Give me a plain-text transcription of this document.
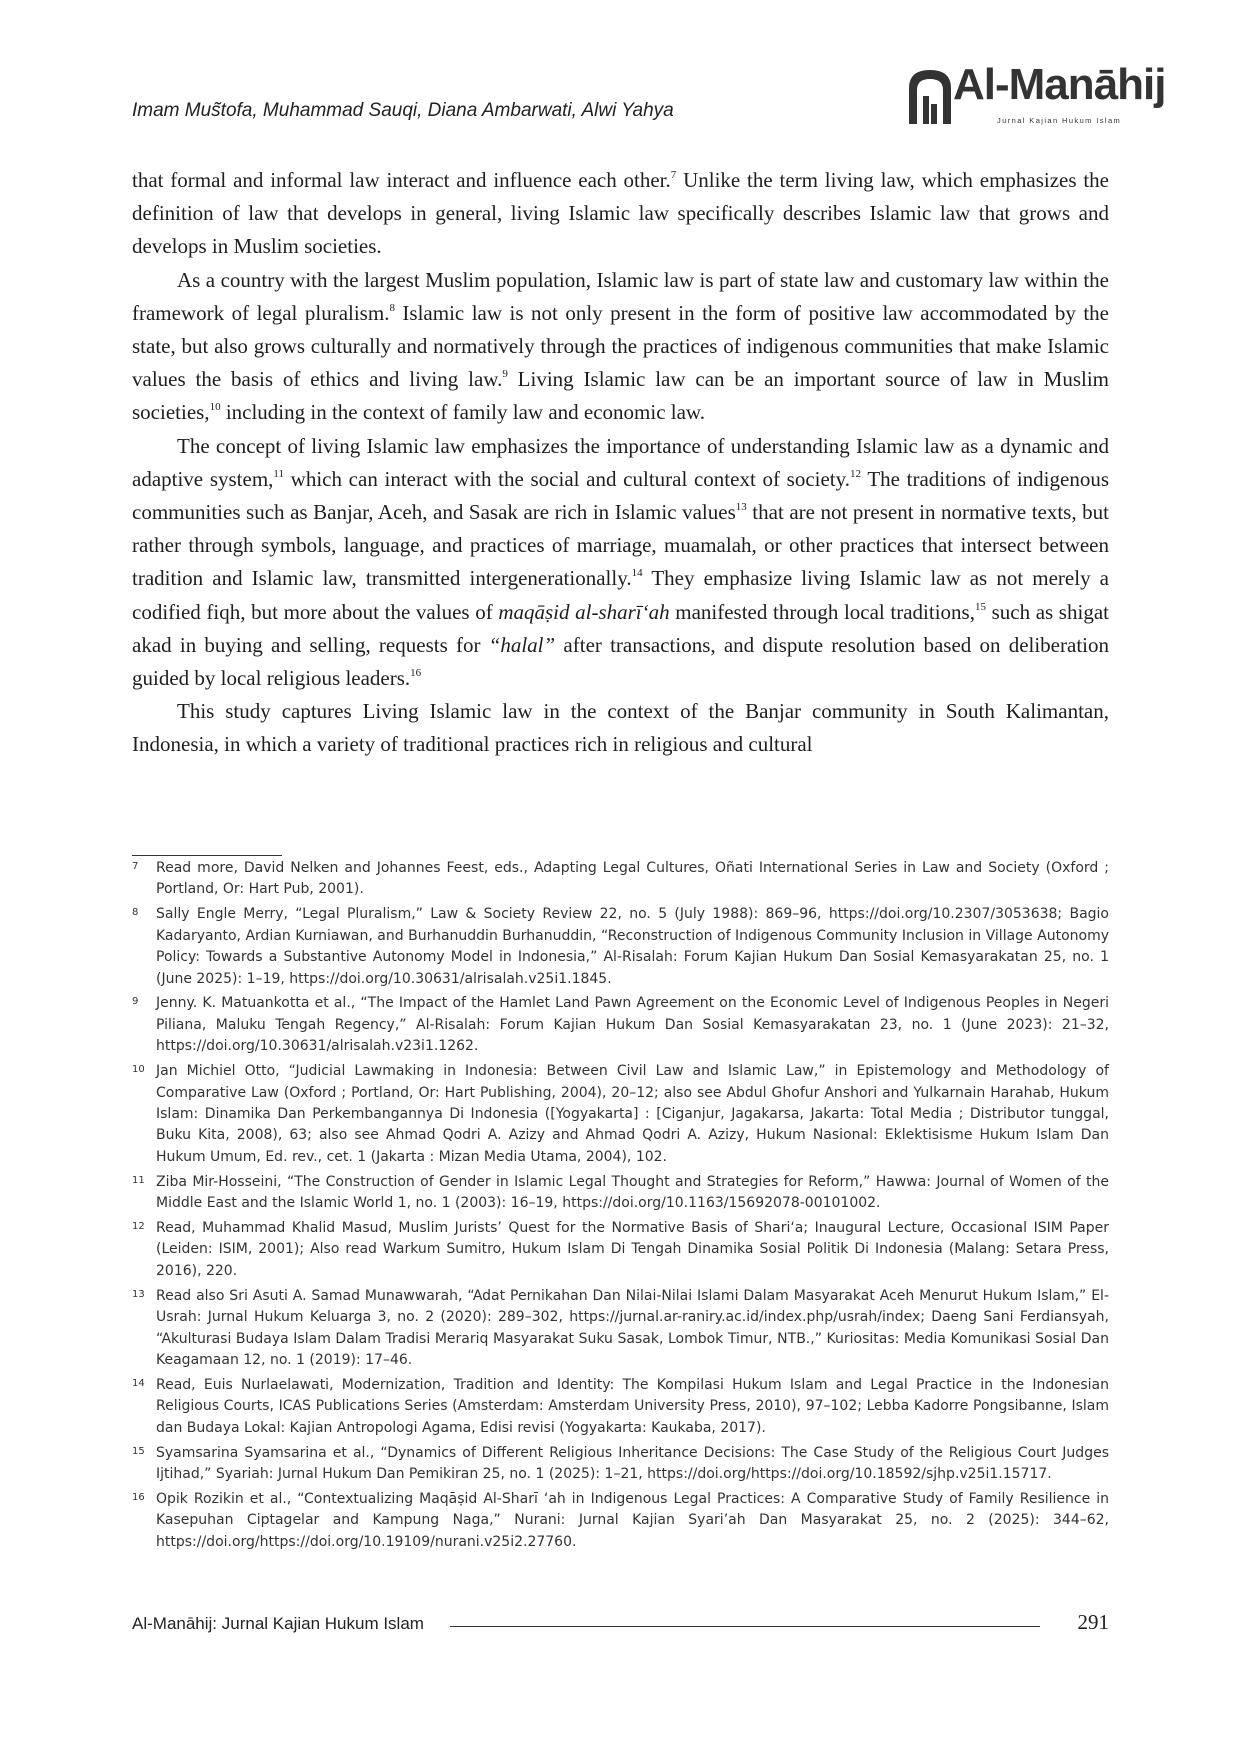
Imam Mus͂tofa, Muhammad Sauqi, Diana Ambarwati, Alwi Yahya
Al-Manāhij
Jurnal Kajian Hukum Islam

that formal and informal law interact and influence each other.$^7$ Unlike the term living law, which emphasizes the definition of law that develops in general, living Islamic law specifically describes Islamic law that grows and develops in Muslim societies.

As a country with the largest Muslim population, Islamic law is part of state law and customary law within the framework of legal pluralism.$^8$ Islamic law is not only present in the form of positive law accommodated by the state, but also grows culturally and normatively through the practices of indigenous communities that make Islamic values the basis of ethics and living law.$^9$ Living Islamic law can be an important source of law in Muslim societies,$^{10}$ including in the context of family law and economic law.

The concept of living Islamic law emphasizes the importance of understanding Islamic law as a dynamic and adaptive system,$^{11}$ which can interact with the social and cultural context of society.$^{12}$ The traditions of indigenous communities such as Banjar, Aceh, and Sasak are rich in Islamic values$^{13}$ that are not present in normative texts, but rather through symbols, language, and practices of marriage, muamalah, or other practices that intersect between tradition and Islamic law, transmitted intergenerationally.$^{14}$ They emphasize living Islamic law as not merely a codified fiqh, but more about the values of maqāṣid al-sharī‘ah manifested through local traditions,$^{15}$ such as shigat akad in buying and selling, requests for “halal” after transactions, and dispute resolution based on deliberation guided by local religious leaders.$^{16}$

This study captures Living Islamic law in the context of the Banjar community in South Kalimantan, Indonesia, in which a variety of traditional practices rich in religious and cultural

7	Read more, David Nelken and Johannes Feest, eds., Adapting Legal Cultures, Oñati International Series in Law and Society (Oxford ; Portland, Or: Hart Pub, 2001).
8	Sally Engle Merry, “Legal Pluralism,” Law & Society Review 22, no. 5 (July 1988): 869–96, https://doi.org/10.2307/3053638; Bagio Kadaryanto, Ardian Kurniawan, and Burhanuddin Burhanuddin, “Reconstruction of Indigenous Community Inclusion in Village Autonomy Policy: Towards a Substantive Autonomy Model in Indonesia,” Al-Risalah: Forum Kajian Hukum Dan Sosial Kemasyarakatan 25, no. 1 (June 2025): 1–19, https://doi.org/10.30631/alrisalah.v25i1.1845.
9	Jenny. K. Matuankotta et al., “The Impact of the Hamlet Land Pawn Agreement on the Economic Level of Indigenous Peoples in Negeri Piliana, Maluku Tengah Regency,” Al-Risalah: Forum Kajian Hukum Dan Sosial Kemasyarakatan 23, no. 1 (June 2023): 21–32, https://doi.org/10.30631/alrisalah.v23i1.1262.
10 Jan Michiel Otto, “Judicial Lawmaking in Indonesia: Between Civil Law and Islamic Law,” in Epistemology and Methodology of Comparative Law (Oxford ; Portland, Or: Hart Publishing, 2004), 20–12; also see Abdul Ghofur Anshori and Yulkarnain Harahab, Hukum Islam: Dinamika Dan Perkembangannya Di Indonesia ([Yogyakarta] : [Ciganjur, Jagakarsa, Jakarta: Total Media ; Distributor tunggal, Buku Kita, 2008), 63; also see Ahmad Qodri A. Azizy and Ahmad Qodri A. Azizy, Hukum Nasional: Eklektisisme Hukum Islam Dan Hukum Umum, Ed. rev., cet. 1 (Jakarta : Mizan Media Utama, 2004), 102.
11 Ziba Mir-Hosseini, “The Construction of Gender in Islamic Legal Thought and Strategies for Reform,” Hawwa: Journal of Women of the Middle East and the Islamic World 1, no. 1 (2003): 16–19, https://doi.org/10.1163/15692078-00101002.
12 Read, Muhammad Khalid Masud, Muslim Jurists’ Quest for the Normative Basis of Shari‘a; Inaugural Lecture, Occasional ISIM Paper (Leiden: ISIM, 2001); Also read Warkum Sumitro, Hukum Islam Di Tengah Dinamika Sosial Politik Di Indonesia (Malang: Setara Press, 2016), 220.
13 Read also Sri Asuti A. Samad Munawwarah, “Adat Pernikahan Dan Nilai-Nilai Islami Dalam Masyarakat Aceh Menurut Hukum Islam,” El-Usrah: Jurnal Hukum Keluarga 3, no. 2 (2020): 289–302, https://jurnal.ar-raniry.ac.id/index.php/usrah/index; Daeng Sani Ferdiansyah, “Akulturasi Budaya Islam Dalam Tradisi Merariq Masyarakat Suku Sasak, Lombok Timur, NTB.,” Kuriositas: Media Komunikasi Sosial Dan Keagamaan 12, no. 1 (2019): 17–46.
14 Read, Euis Nurlaelawati, Modernization, Tradition and Identity: The Kompilasi Hukum Islam and Legal Practice in the Indonesian Religious Courts, ICAS Publications Series (Amsterdam: Amsterdam University Press, 2010), 97–102; Lebba Kadorre Pongsibanne, Islam dan Budaya Lokal: Kajian Antropologi Agama, Edisi revisi (Yogyakarta: Kaukaba, 2017).
15 Syamsarina Syamsarina et al., “Dynamics of Different Religious Inheritance Decisions: The Case Study of the Religious Court Judges Ijtihad,” Syariah: Jurnal Hukum Dan Pemikiran 25, no. 1 (2025): 1–21, https://doi.org/https://doi.org/10.18592/sjhp.v25i1.15717.
16 Opik Rozikin et al., “Contextualizing Maqāṣid Al-Sharī ‘ah in Indigenous Legal Practices: A Comparative Study of Family Resilience in Kasepuhan Ciptagelar and Kampung Naga,” Nurani: Jurnal Kajian Syari’ah Dan Masyarakat 25, no. 2 (2025): 344–62, https://doi.org/https://doi.org/10.19109/nurani.v25i2.27760.
Al-Manāhij: Jurnal Kajian Hukum Islam	291
